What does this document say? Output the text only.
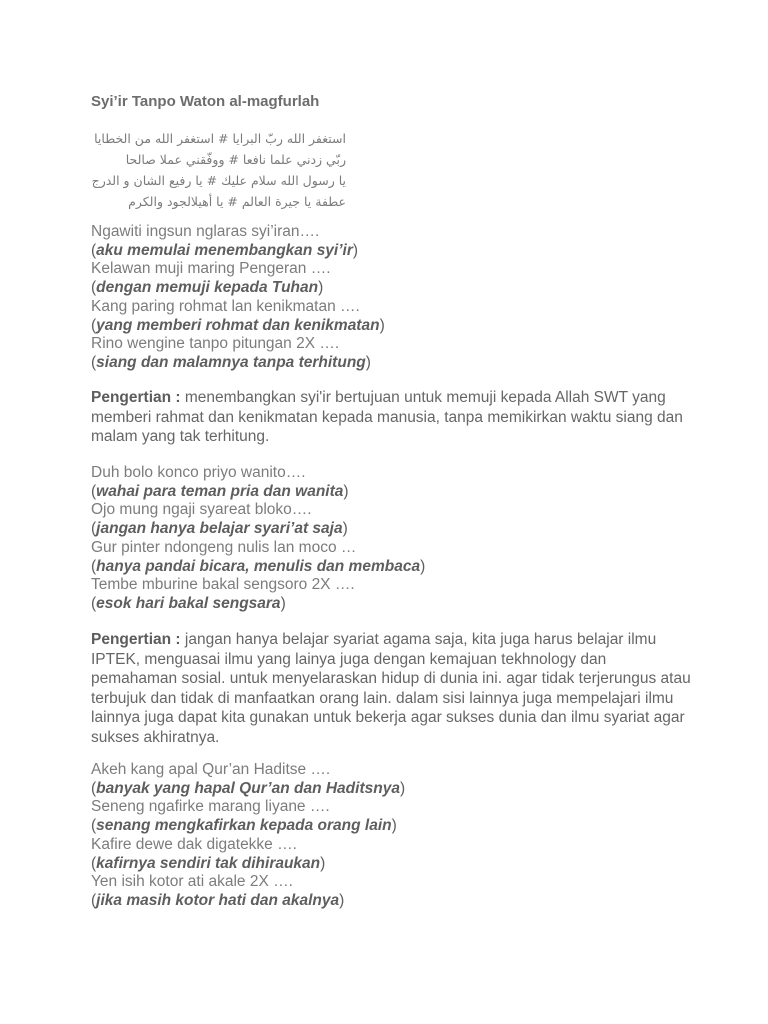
Syi’ir Tanpo Waton al-magfurlah
استغفر الله ربّ البرايا # استغفر الله من الخطايا
ربّي زدني علما نافعا # ووفّقني عملا صالحا
يا رسول الله سلام عليك # يا رفيع الشان و الدرج
عطفة يا جيرة العالم # يا أهيلالجود والكرم
Ngawiti ingsun nglaras syi’iran….
(aku memulai menembangkan syi’ir)
Kelawan muji maring Pengeran ….
(dengan memuji kepada Tuhan)
Kang paring rohmat lan kenikmatan ….
(yang memberi rohmat dan kenikmatan)
Rino wengine tanpo pitungan 2X ….
(siang dan malamnya tanpa terhitung)
Pengertian : menembangkan syi'ir bertujuan untuk memuji kepada Allah SWT yang memberi rahmat dan kenikmatan kepada manusia, tanpa memikirkan waktu siang dan malam yang tak terhitung.
Duh bolo konco priyo wanito….
(wahai para teman pria dan wanita)
Ojo mung ngaji syareat bloko….
(jangan hanya belajar syari’at saja)
Gur pinter ndongeng nulis lan moco …
(hanya pandai bicara, menulis dan membaca)
Tembe mburine bakal sengsoro 2X ….
(esok hari bakal sengsara)
Pengertian : jangan hanya belajar syariat agama saja, kita juga harus belajar ilmu IPTEK, menguasai ilmu yang lainya juga dengan kemajuan tekhnology dan pemahaman sosial. untuk menyelaraskan hidup di dunia ini. agar tidak terjerungus atau terbujuk dan tidak di manfaatkan orang lain. dalam sisi lainnya juga mempelajari ilmu lainnya juga dapat kita gunakan untuk bekerja agar sukses dunia dan ilmu syariat agar sukses akhiratnya.
Akeh kang apal Qur’an Haditse ….
(banyak yang hapal Qur’an dan Haditsnya)
Seneng ngafirke marang liyane ….
(senang mengkafirkan kepada orang lain)
Kafire dewe dak digatekke ….
(kafirnya sendiri tak dihiraukan)
Yen isih kotor ati akale 2X ….
(jika masih kotor hati dan akalnya)
